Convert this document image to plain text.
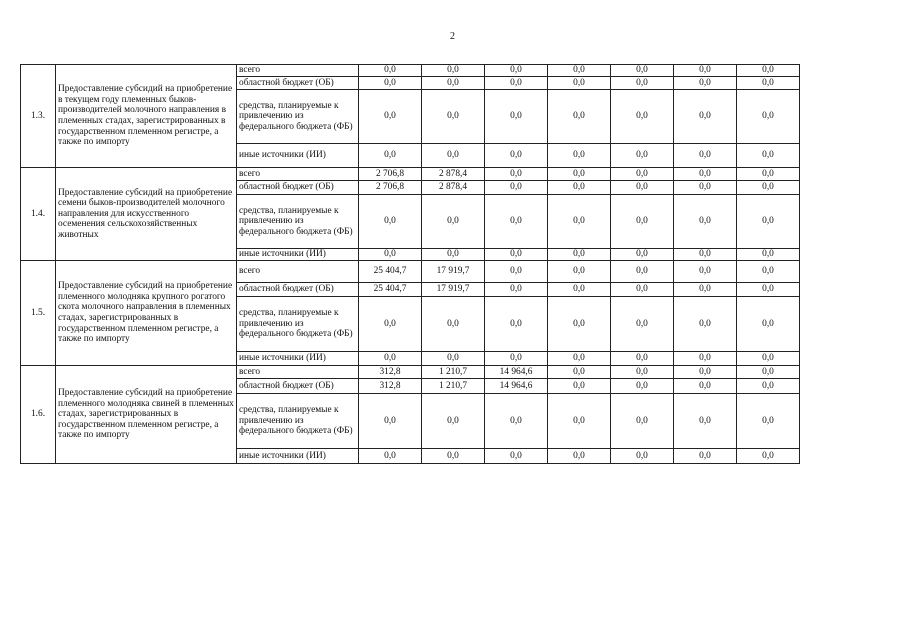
2
1.3.	Предоставление субсидий на приобретение в текущем году племенных быков-производителей молочного направления в племенных стадах, зарегистрированных в государственном племенном регистре, а также по импорту	всего	0,0	0,0	0,0	0,0	0,0	0,0	0,0
		областной бюджет (ОБ)	0,0	0,0	0,0	0,0	0,0	0,0	0,0
		средства, планируемые к привлечению из федерального бюджета (ФБ)	0,0	0,0	0,0	0,0	0,0	0,0	0,0
		иные источники (ИИ)	0,0	0,0	0,0	0,0	0,0	0,0	0,0
1.4.	Предоставление субсидий на приобретение семени быков-производителей молочного направления для искусственного осеменения сельскохозяйственных животных	всего	2 706,8	2 878,4	0,0	0,0	0,0	0,0	0,0
		областной бюджет (ОБ)	2 706,8	2 878,4	0,0	0,0	0,0	0,0	0,0
		средства, планируемые к привлечению из федерального бюджета (ФБ)	0,0	0,0	0,0	0,0	0,0	0,0	0,0
		иные источники (ИИ)	0,0	0,0	0,0	0,0	0,0	0,0	0,0
1.5.	Предоставление субсидий на приобретение племенного молодняка крупного рогатого скота молочного направления в племенных стадах, зарегистрированных в государственном племенном регистре, а также по импорту	всего	25 404,7	17 919,7	0,0	0,0	0,0	0,0	0,0
		областной бюджет (ОБ)	25 404,7	17 919,7	0,0	0,0	0,0	0,0	0,0
		средства, планируемые к привлечению из федерального бюджета (ФБ)	0,0	0,0	0,0	0,0	0,0	0,0	0,0
		иные источники (ИИ)	0,0	0,0	0,0	0,0	0,0	0,0	0,0
1.6.	Предоставление субсидий на приобретение племенного молодняка свиней в племенных стадах, зарегистрированных в государственном племенном регистре, а также по импорту	всего	312,8	1 210,7	14 964,6	0,0	0,0	0,0	0,0
		областной бюджет (ОБ)	312,8	1 210,7	14 964,6	0,0	0,0	0,0	0,0
		средства, планируемые к привлечению из федерального бюджета (ФБ)	0,0	0,0	0,0	0,0	0,0	0,0	0,0
		иные источники (ИИ)	0,0	0,0	0,0	0,0	0,0	0,0	0,0
